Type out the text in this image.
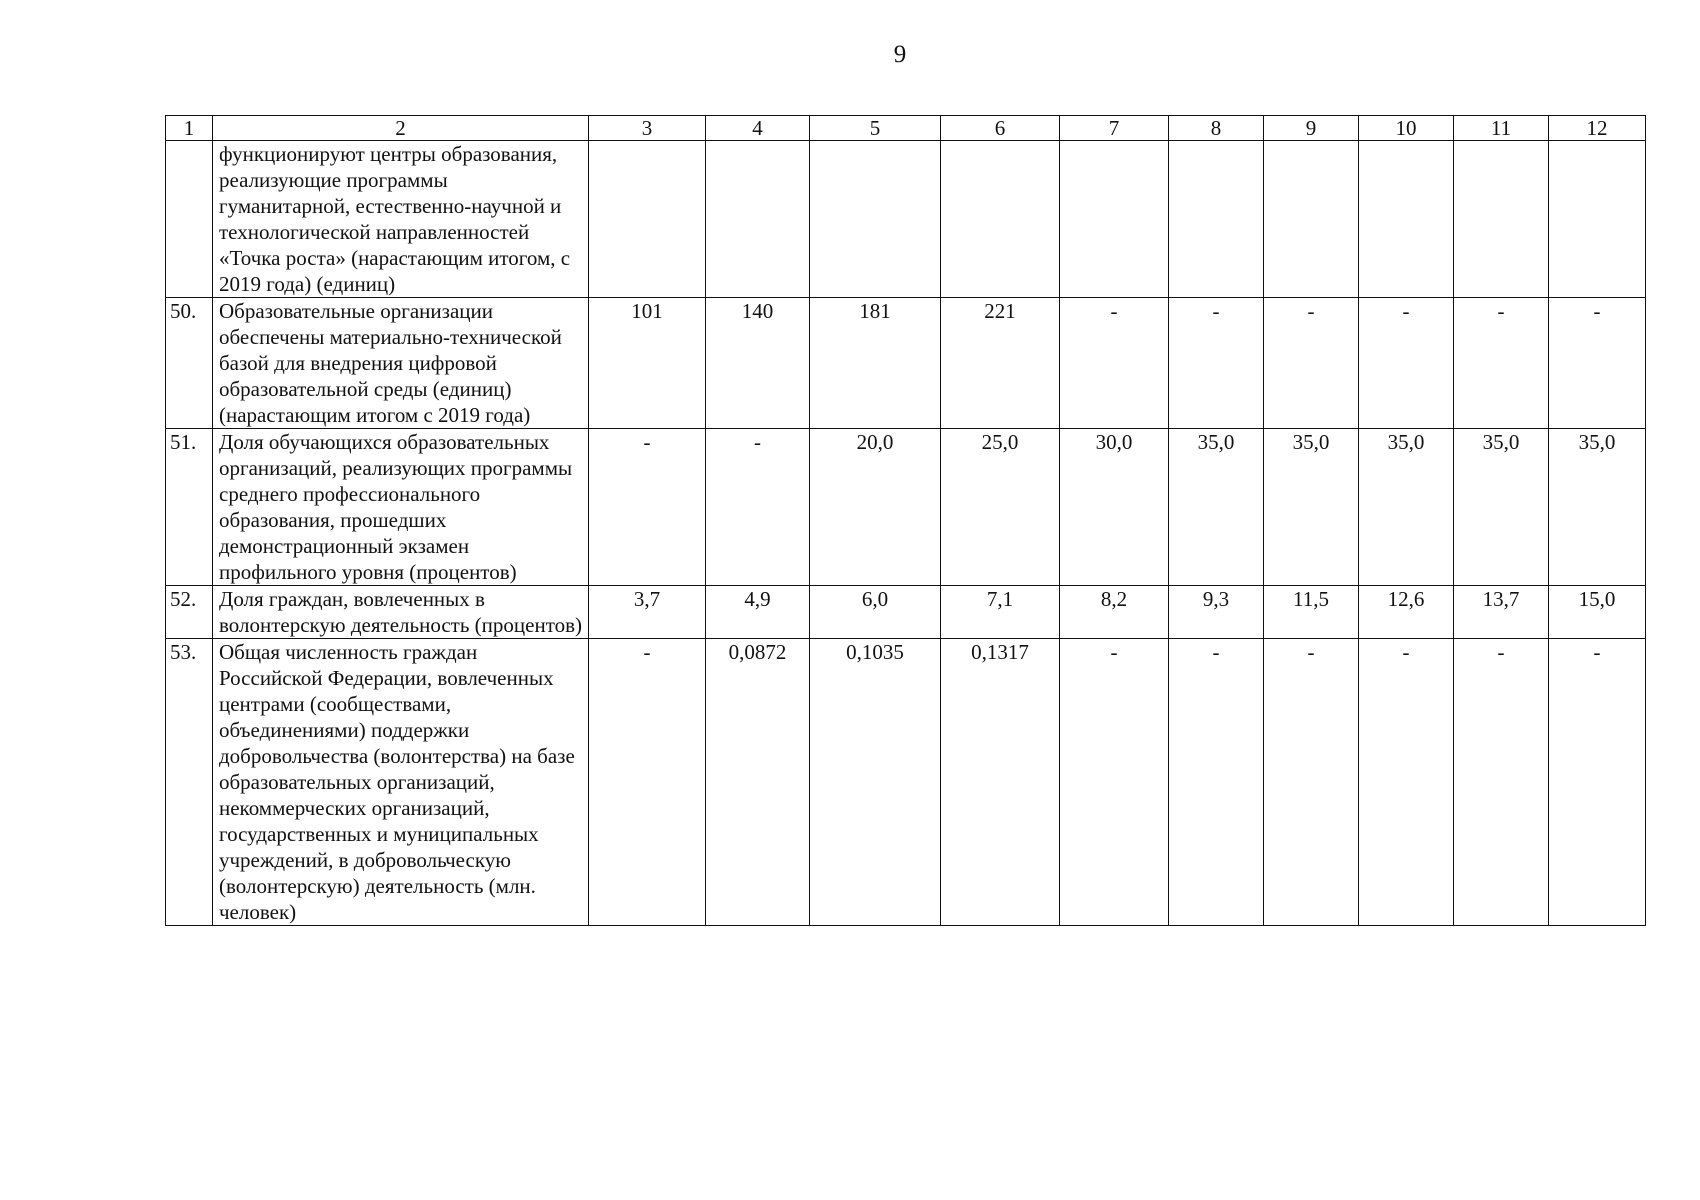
9
1	2	3	4	5	6	7	8	9	10	11	12
	функционируют центры образования, реализующие программы гуманитарной, естественно-научной и технологической направленностей «Точка роста» (нарастающим итогом, с 2019 года) (единиц)										
50.	Образовательные организации обеспечены материально-технической базой для внедрения цифровой образовательной среды (единиц) (нарастающим итогом с 2019 года)	101	140	181	221	-	-	-	-	-	-
51.	Доля обучающихся образовательных организаций, реализующих программы среднего профессионального образования, прошедших демонстрационный экзамен профильного уровня (процентов)	-	-	20,0	25,0	30,0	35,0	35,0	35,0	35,0	35,0
52.	Доля граждан, вовлеченных в волонтерскую деятельность (процентов)	3,7	4,9	6,0	7,1	8,2	9,3	11,5	12,6	13,7	15,0
53.	Общая численность граждан Российской Федерации, вовлеченных центрами (сообществами, объединениями) поддержки добровольчества (волонтерства) на базе образовательных организаций, некоммерческих организаций, государственных и муниципальных учреждений, в добровольческую (волонтерскую) деятельность (млн. человек)	-	0,0872	0,1035	0,1317	-	-	-	-	-	-
